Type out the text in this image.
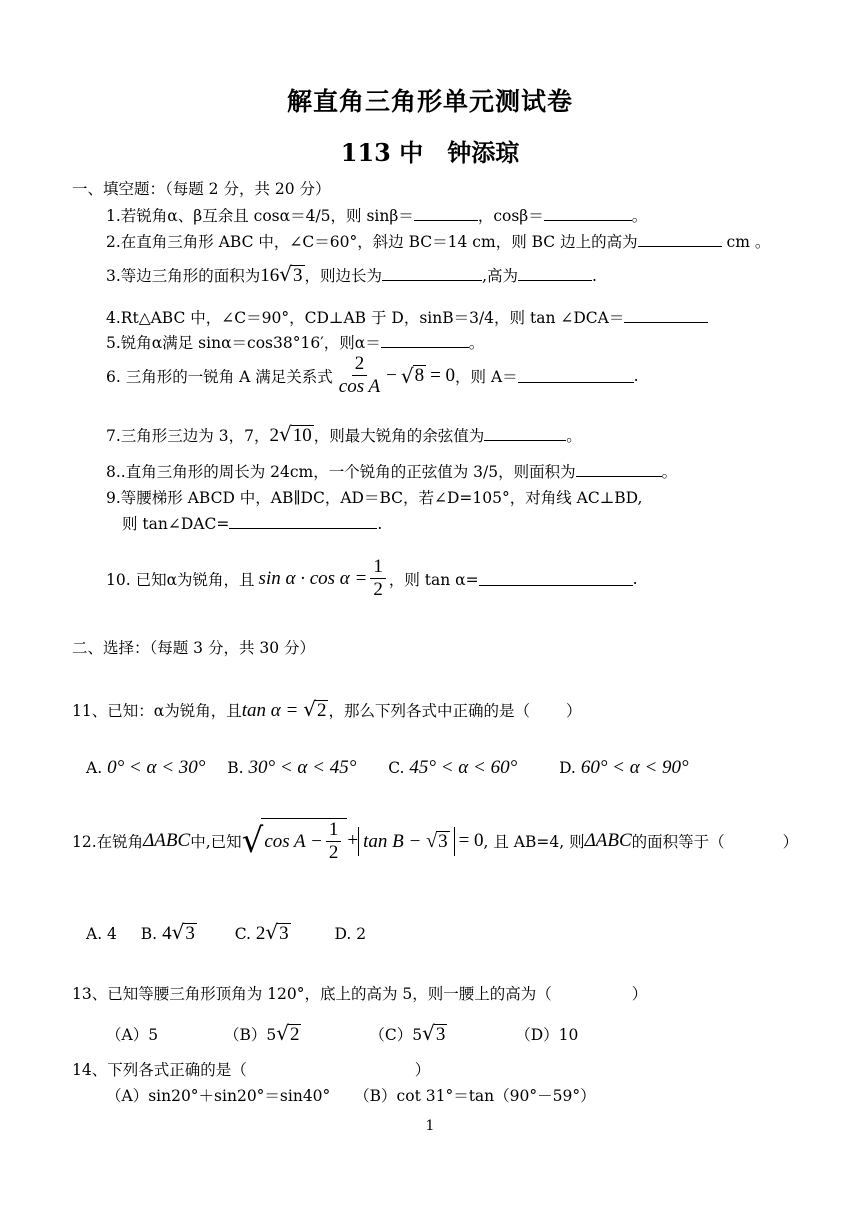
解直角三角形单元测试卷
113 中　钟添琼
一、填空题：（每题 2 分，共 20 分）
1.若锐角α、β互余且 cosα＝4/5，则 sinβ＝	，cosβ＝	。
2.在直角三角形 ABC 中，∠C＝60°，斜边 BC＝14 cm，则 BC 边上的高为	cm 。
3.等边三角形的面积为16√3 ，则边长为	,高为	.
4.Rt△ABC 中，∠C＝90°，CD⊥AB 于 D，sinB＝3/4，则 tan ∠DCA＝
5.锐角α满足 sinα＝cos38°16′，则α＝	。
6. 三角形的一锐角 A 满足关系式 $\frac{2}{\text{cos A}}$ − √ 8 = 0 ，则 A＝	.
7.三角形三边为 3，7，2√10 ，则最大锐角的余弦值为	。
8..直角三角形的周长为 24cm，一个锐角的正弦值为 3/5，则面积为	。
9.等腰梯形 ABCD 中，AB∥DC，AD＝BC，若∠D=105°，对角线 AC⊥BD,
则 tan∠DAC=	.
10. 已知α为锐角，且 $\sin \alpha \cdot \cos \alpha = \frac{1}{2}$ ，则 tan α=	.
二、选择：（每题 3 分，共 30 分）
11、已知：α为锐角，且tan α = √2 ，那么下列各式中正确的是（ ）
A. 0° < α < 30° B. 30° < α < 45° C. 45° < α < 60°	D. 60° < α < 90°
12.在锐角 ΔABC 中,已知 √ $\cos A - \frac{1}{2} + \tan B - √3 = 0$ , 且 AB=4, 则 ΔABC 的面积等于（	）
A. 4 B. 4√3	C. 2√3	D. 2
13、已知等腰三角形顶角为 120°，底上的高为 5，则一腰上的高为（	）
（A）5	（B）5√2	（C）5√3	（D）10
14、下列各式正确的是（	）
（A）sin20°＋sin20°＝sin40° （B）cot 31°＝tan（90°－59°）
1
